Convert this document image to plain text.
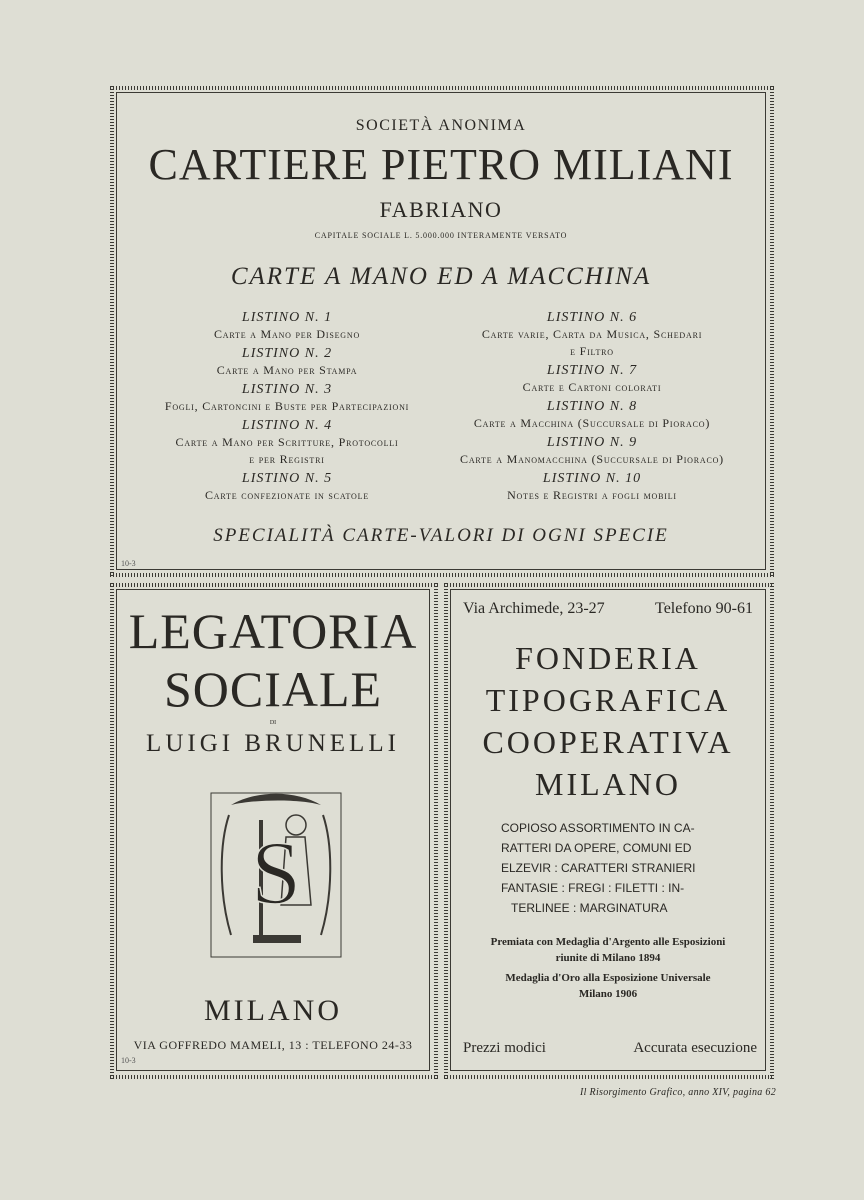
SOCIETÀ ANONIMA
CARTIERE PIETRO MILIANI
FABRIANO
CAPITALE SOCIALE L. 5.000.000 INTERAMENTE VERSATO
CARTE A MANO ED A MACCHINA
LISTINO N. 1
Carte a Mano per Disegno
LISTINO N. 2
Carte a Mano per Stampa
LISTINO N. 3
Fogli, Cartoncini e Buste per Partecipazioni
LISTINO N. 4
Carte a Mano per Scritture, Protocolli
e per Registri
LISTINO N. 5
Carte confezionate in scatole
LISTINO N. 6
Carte varie, Carta da Musica, Schedari
e Filtro
LISTINO N. 7
Carte e Cartoni colorati
LISTINO N. 8
Carte a Macchina (Succursale di Pioraco)
LISTINO N. 9
Carte a Manomacchina (Succursale di Pioraco)
LISTINO N. 10
Notes e Registri a fogli mobili
SPECIALITÀ CARTE-VALORI DI OGNI SPECIE
10-3
LEGATORIA
SOCIALE
DI
LUIGI BRUNELLI
S
MILANO
VIA GOFFREDO MAMELI, 13 : TELEFONO 24-33
10-3
Via Archimede, 23-27	Telefono 90-61
FONDERIA
TIPOGRAFICA
COOPERATIVA
MILANO
COPIOSO ASSORTIMENTO IN CA-
RATTERI DA OPERE, COMUNI ED
ELZEVIR : CARATTERI STRANIERI
FANTASIE : FREGI : FILETTI : IN-
TERLINEE : MARGINATURA
Premiata con Medaglia d'Argento alle Esposizioni
riunite di Milano 1894
Medaglia d'Oro alla Esposizione Universale
Milano 1906
Prezzi modici	Accurata esecuzione
Il Risorgimento Grafico, anno XIV, pagina 62
